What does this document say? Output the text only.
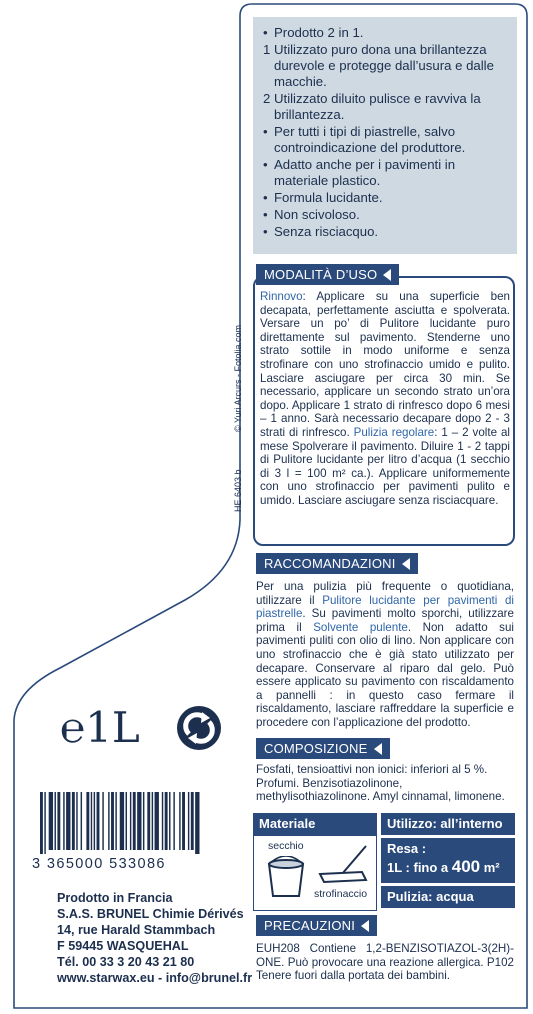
• Prodotto 2 in 1.
1 Utilizzato puro dona una brillantezza durevole e protegge dall’usura e dalle macchie.
2 Utilizzato diluito pulisce e ravviva la brillantezza.
• Per tutti i tipi di piastrelle, salvo controindicazione del produttore.
• Adatto anche per i pavimenti in materiale plastico.
• Formula lucidante.
• Non scivoloso.
• Senza risciacquo.
© Yuri Arcurs - Fotolia.com
HE 6403 b
MODALITÀ D’USO
Rinnovo: Applicare su una superficie ben decapata, perfettamente asciutta e spolverata. Versare un po’ di Pulitore lucidante puro direttamente sul pavimento. Stenderne uno strato sottile in modo uniforme e senza strofinare con uno strofinaccio umido e pulito. Lasciare asciugare per circa 30 min. Se necessario, applicare un secondo strato un’ora dopo. Applicare 1 strato di rinfresco dopo 6 mesi – 1 anno. Sarà necessario decapare dopo 2 - 3 strati di rinfresco. Pulizia regolare: 1 – 2 volte al mese Spolverare il pavimento. Diluire 1 - 2 tappi di Pulitore lucidante per litro d’acqua (1 secchio di 3 l = 100 m² ca.). Applicare uniformemente con uno strofinaccio per pavimenti pulito e umido. Lasciare asciugare senza risciacquare.
RACCOMANDAZIONI
Per una pulizia più frequente o quotidiana, utilizzare il Pulitore lucidante per pavimenti di piastrelle. Su pavimenti molto sporchi, utilizzare prima il Solvente pulente. Non adatto sui pavimenti puliti con olio di lino. Non applicare con uno strofinaccio che è già stato utilizzato per decapare. Conservare al riparo dal gelo. Può essere applicato su pavimento con riscaldamento a pannelli : in questo caso fermare il riscaldamento, lasciare raffreddare la superficie e procedere con l’applicazione del prodotto.
COMPOSIZIONE
Fosfati, tensioattivi non ionici: inferiori al 5 %. Profumi. Benzisotiazolinone, methylisothiazolinone. Amyl cinnamal, limonene.
Materiale
secchio
strofinaccio
Utilizzo: all’interno
Resa :
1L : fino a 400 m²
Pulizia: acqua
PRECAUZIONI
EUH208 Contiene 1,2-BENZISOTIAZOL-3(2H)-ONE. Può provocare una reazione allergica. P102 Tenere fuori dalla portata dei bambini.
℮1L
3 365000 533086
Prodotto in Francia
S.A.S. BRUNEL Chimie Dérivés
14, rue Harald Stammbach
F 59445 WASQUEHAL
Tél. 00 33 3 20 43 21 80
www.starwax.eu - info@brunel.fr
